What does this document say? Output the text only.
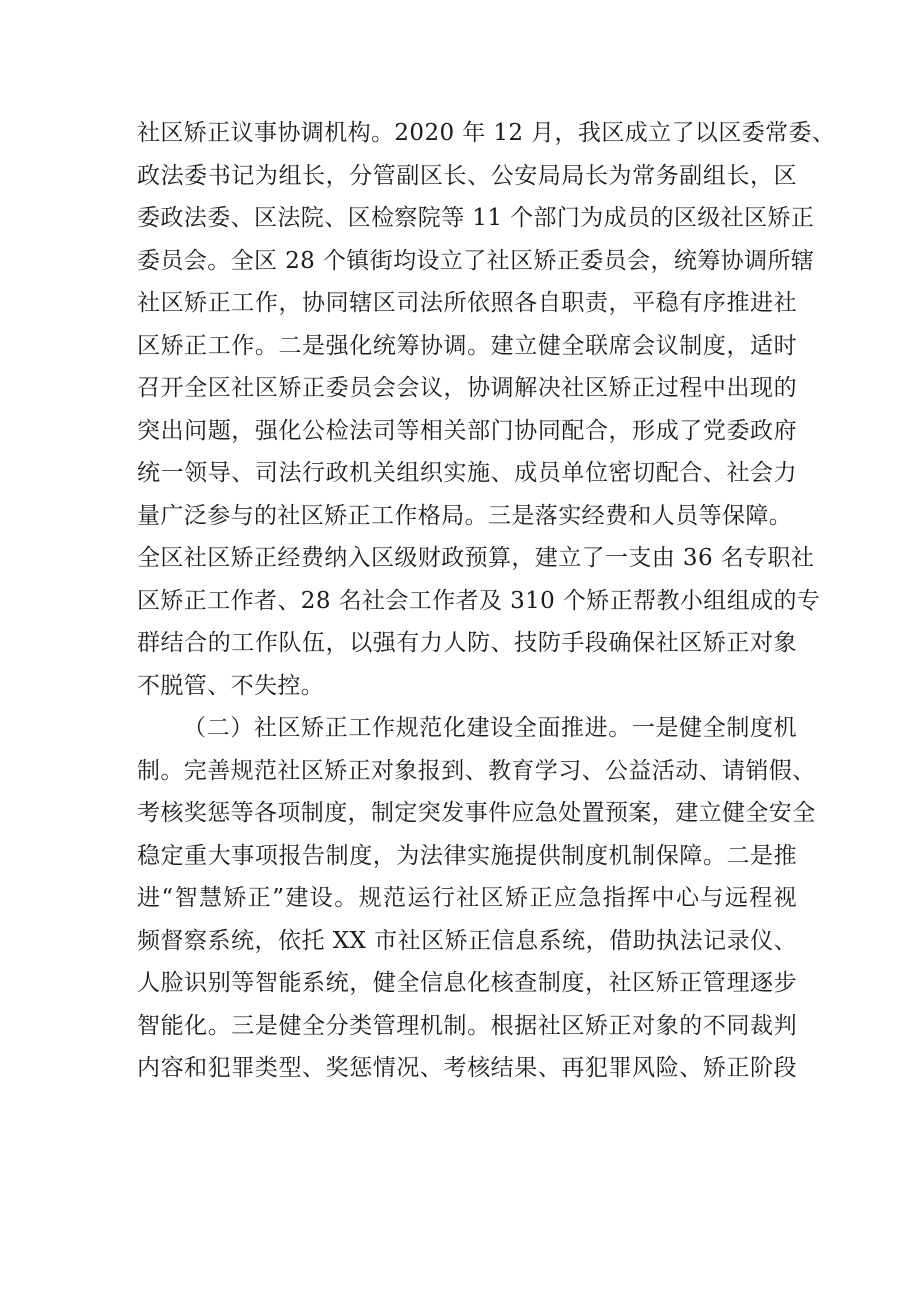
社区矫正议事协调机构。2020 年 12 月，我区成立了以区委常委、
政法委书记为组长，分管副区长、公安局局长为常务副组长，区
委政法委、区法院、区检察院等 11 个部门为成员的区级社区矫正
委员会。全区 28 个镇街均设立了社区矫正委员会，统筹协调所辖
社区矫正工作，协同辖区司法所依照各自职责，平稳有序推进社
区矫正工作。二是强化统筹协调。建立健全联席会议制度，适时
召开全区社区矫正委员会会议，协调解决社区矫正过程中出现的
突出问题，强化公检法司等相关部门协同配合，形成了党委政府
统一领导、司法行政机关组织实施、成员单位密切配合、社会力
量广泛参与的社区矫正工作格局。三是落实经费和人员等保障。
全区社区矫正经费纳入区级财政预算，建立了一支由 36 名专职社
区矫正工作者、28 名社会工作者及 310 个矫正帮教小组组成的专
群结合的工作队伍，以强有力人防、技防手段确保社区矫正对象
不脱管、不失控。
（二）社区矫正工作规范化建设全面推进。一是健全制度机
制。完善规范社区矫正对象报到、教育学习、公益活动、请销假、
考核奖惩等各项制度，制定突发事件应急处置预案，建立健全安全
稳定重大事项报告制度，为法律实施提供制度机制保障。二是推
进“智慧矫正”建设。规范运行社区矫正应急指挥中心与远程视
频督察系统，依托 XX 市社区矫正信息系统，借助执法记录仪、
人脸识别等智能系统，健全信息化核查制度，社区矫正管理逐步
智能化。三是健全分类管理机制。根据社区矫正对象的不同裁判
内容和犯罪类型、奖惩情况、考核结果、再犯罪风险、矫正阶段
